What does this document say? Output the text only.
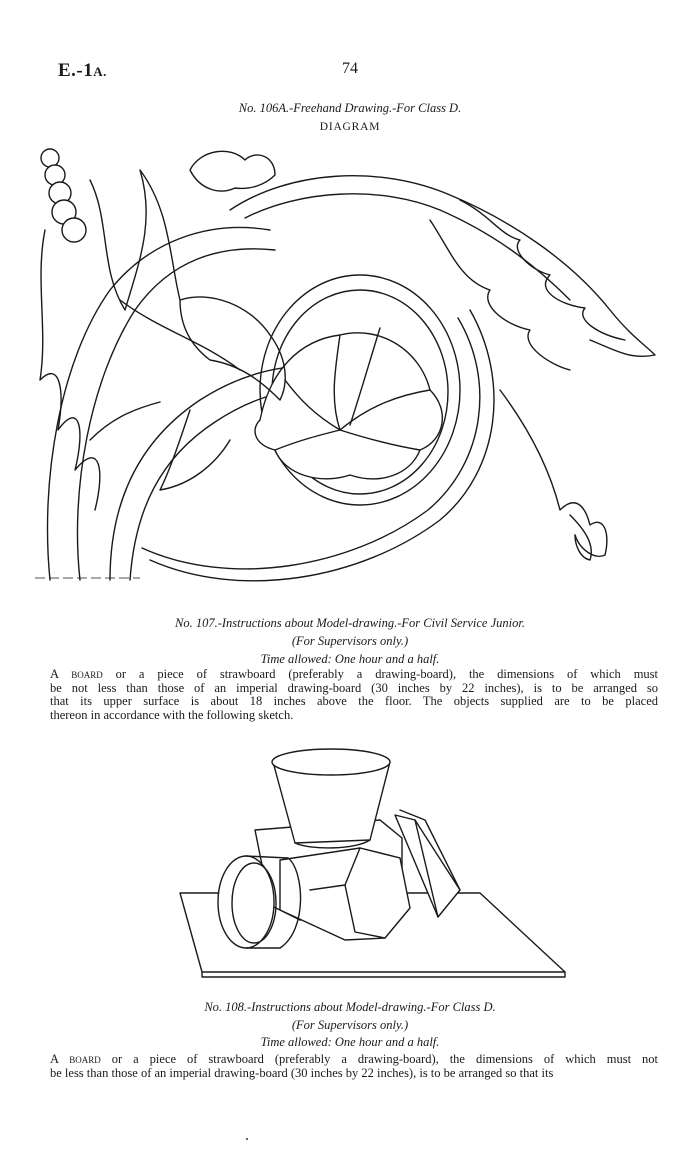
E.-1A.	74
No. 106A.-Freehand Drawing.-For Class D.
DIAGRAM
No. 107.-Instructions about Model-drawing.-For Civil Service Junior.
(For Supervisors only.)
Time allowed: One hour and a half.
A board or a piece of strawboard (preferably a drawing-board), the dimensions of which must
be not less than those of an imperial drawing-board (30 inches by 22 inches), is to be arranged so
that its upper surface is about 18 inches above the floor. The objects supplied are to be placed
thereon in accordance with the following sketch.
No. 108.-Instructions about Model-drawing.-For Class D.
(For Supervisors only.)
Time allowed: One hour and a half.
A board or a piece of strawboard (preferably a drawing-board), the dimensions of which must not
be less than those of an imperial drawing-board (30 inches by 22 inches), is to be arranged so that its
